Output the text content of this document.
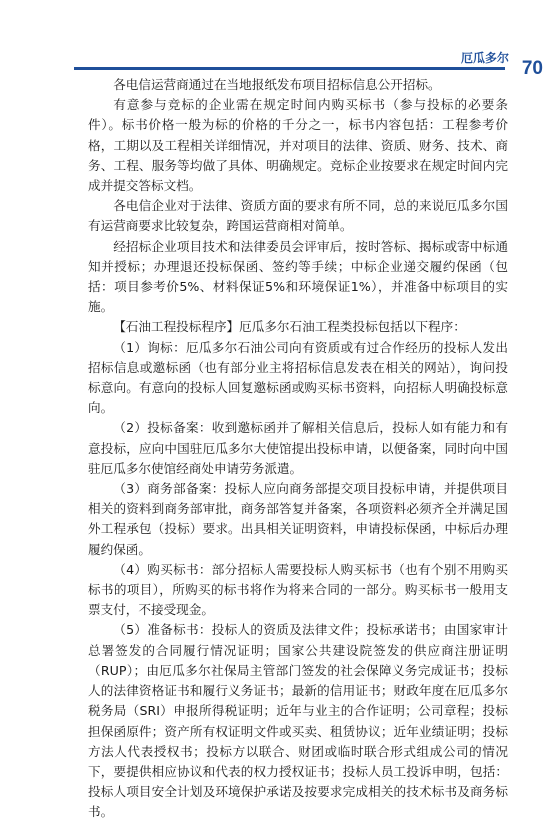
厄瓜多尔 70

各电信运营商通过在当地报纸发布项目招标信息公开招标。

有意参与竞标的企业需在规定时间内购买标书（参与投标的必要条件）。标书价格一般为标的价格的千分之一，标书内容包括：工程参考价格，工期以及工程相关详细情况，并对项目的法律、资质、财务、技术、商务、工程、服务等均做了具体、明确规定。竞标企业按要求在规定时间内完成并提交答标文档。

各电信企业对于法律、资质方面的要求有所不同，总的来说厄瓜多尔国有运营商要求比较复杂，跨国运营商相对简单。

经招标企业项目技术和法律委员会评审后，按时答标、揭标或寄中标通知并授标；办理退还投标保函、签约等手续；中标企业递交履约保函（包括：项目参考价5%、材料保证5%和环境保证1%），并准备中标项目的实施。

【石油工程投标程序】厄瓜多尔石油工程类投标包括以下程序：

（1）询标：厄瓜多尔石油公司向有资质或有过合作经历的投标人发出招标信息或邀标函（也有部分业主将招标信息发表在相关的网站），询问投标意向。有意向的投标人回复邀标函或购买标书资料，向招标人明确投标意向。

（2）投标备案：收到邀标函并了解相关信息后，投标人如有能力和有意投标，应向中国驻厄瓜多尔大使馆提出投标申请，以便备案，同时向中国驻厄瓜多尔使馆经商处申请劳务派遣。

（3）商务部备案：投标人应向商务部提交项目投标申请，并提供项目相关的资料到商务部审批，商务部答复并备案，各项资料必须齐全并满足国外工程承包（投标）要求。出具相关证明资料，申请投标保函，中标后办理履约保函。

（4）购买标书：部分招标人需要投标人购买标书（也有个别不用购买标书的项目），所购买的标书将作为将来合同的一部分。购买标书一般用支票支付，不接受现金。

（5）准备标书：投标人的资质及法律文件；投标承诺书；由国家审计总署签发的合同履行情况证明；国家公共建设院签发的供应商注册证明（RUP）；由厄瓜多尔社保局主管部门签发的社会保障义务完成证书；投标人的法律资格证书和履行义务证书；最新的信用证书；财政年度在厄瓜多尔税务局（SRI）申报所得税证明；近年与业主的合作证明；公司章程；投标担保函原件；资产所有权证明文件或买卖、租赁协议；近年业绩证明；投标方法人代表授权书；投标方以联合、财团或临时联合形式组成公司的情况下，要提供相应协议和代表的权力授权证书；投标人员工投诉申明，包括：投标人项目安全计划及环境保护承诺及按要求完成相关的技术标书及商务标书。
